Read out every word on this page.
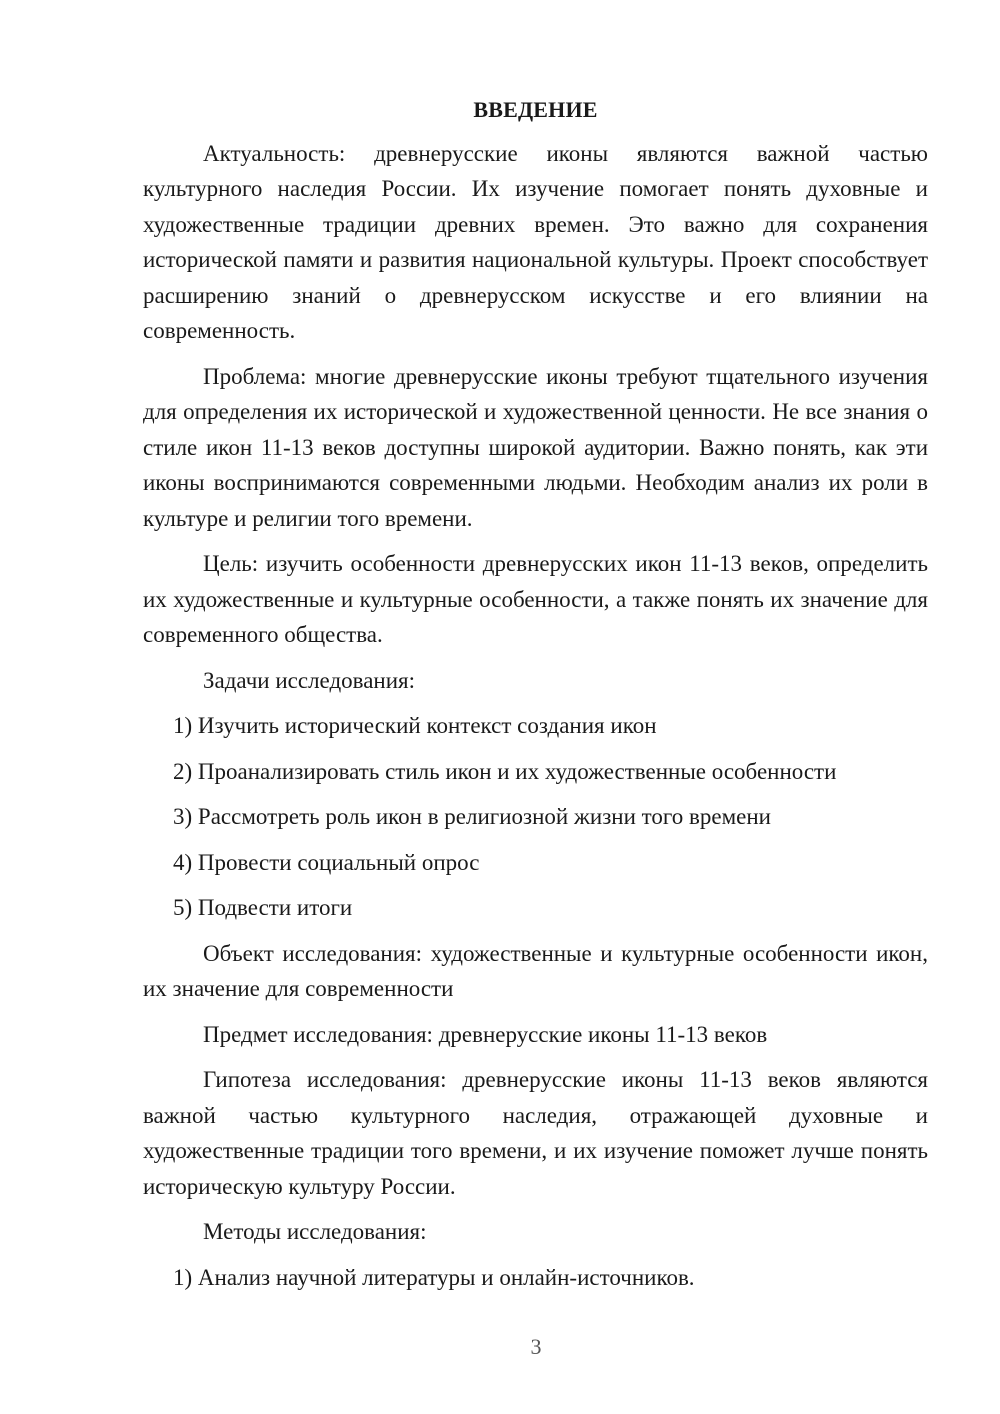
ВВЕДЕНИЕ

Актуальность: древнерусские иконы являются важной частью культурного наследия России. Их изучение помогает понять духовные и художественные традиции древних времен. Это важно для сохранения исторической памяти и развития национальной культуры. Проект способствует расширению знаний о древнерусском искусстве и его влиянии на современность.

Проблема: многие древнерусские иконы требуют тщательного изучения для определения их исторической и художественной ценности. Не все знания о стиле икон 11-13 веков доступны широкой аудитории. Важно понять, как эти иконы воспринимаются современными людьми. Необходим анализ их роли в культуре и религии того времени.

Цель: изучить особенности древнерусских икон 11-13 веков, определить их художественные и культурные особенности, а также понять их значение для современного общества.

Задачи исследования:

1) Изучить исторический контекст создания икон

2) Проанализировать стиль икон и их художественные особенности

3) Рассмотреть роль икон в религиозной жизни того времени

4) Провести социальный опрос

5) Подвести итоги

Объект исследования: художественные и культурные особенности икон, их значение для современности

Предмет исследования: древнерусские иконы 11-13 веков

Гипотеза исследования: древнерусские иконы 11-13 веков являются важной частью культурного наследия, отражающей духовные и художественные традиции того времени, и их изучение поможет лучше понять историческую культуру России.

Методы исследования:

1) Анализ научной литературы и онлайн-источников.

3
